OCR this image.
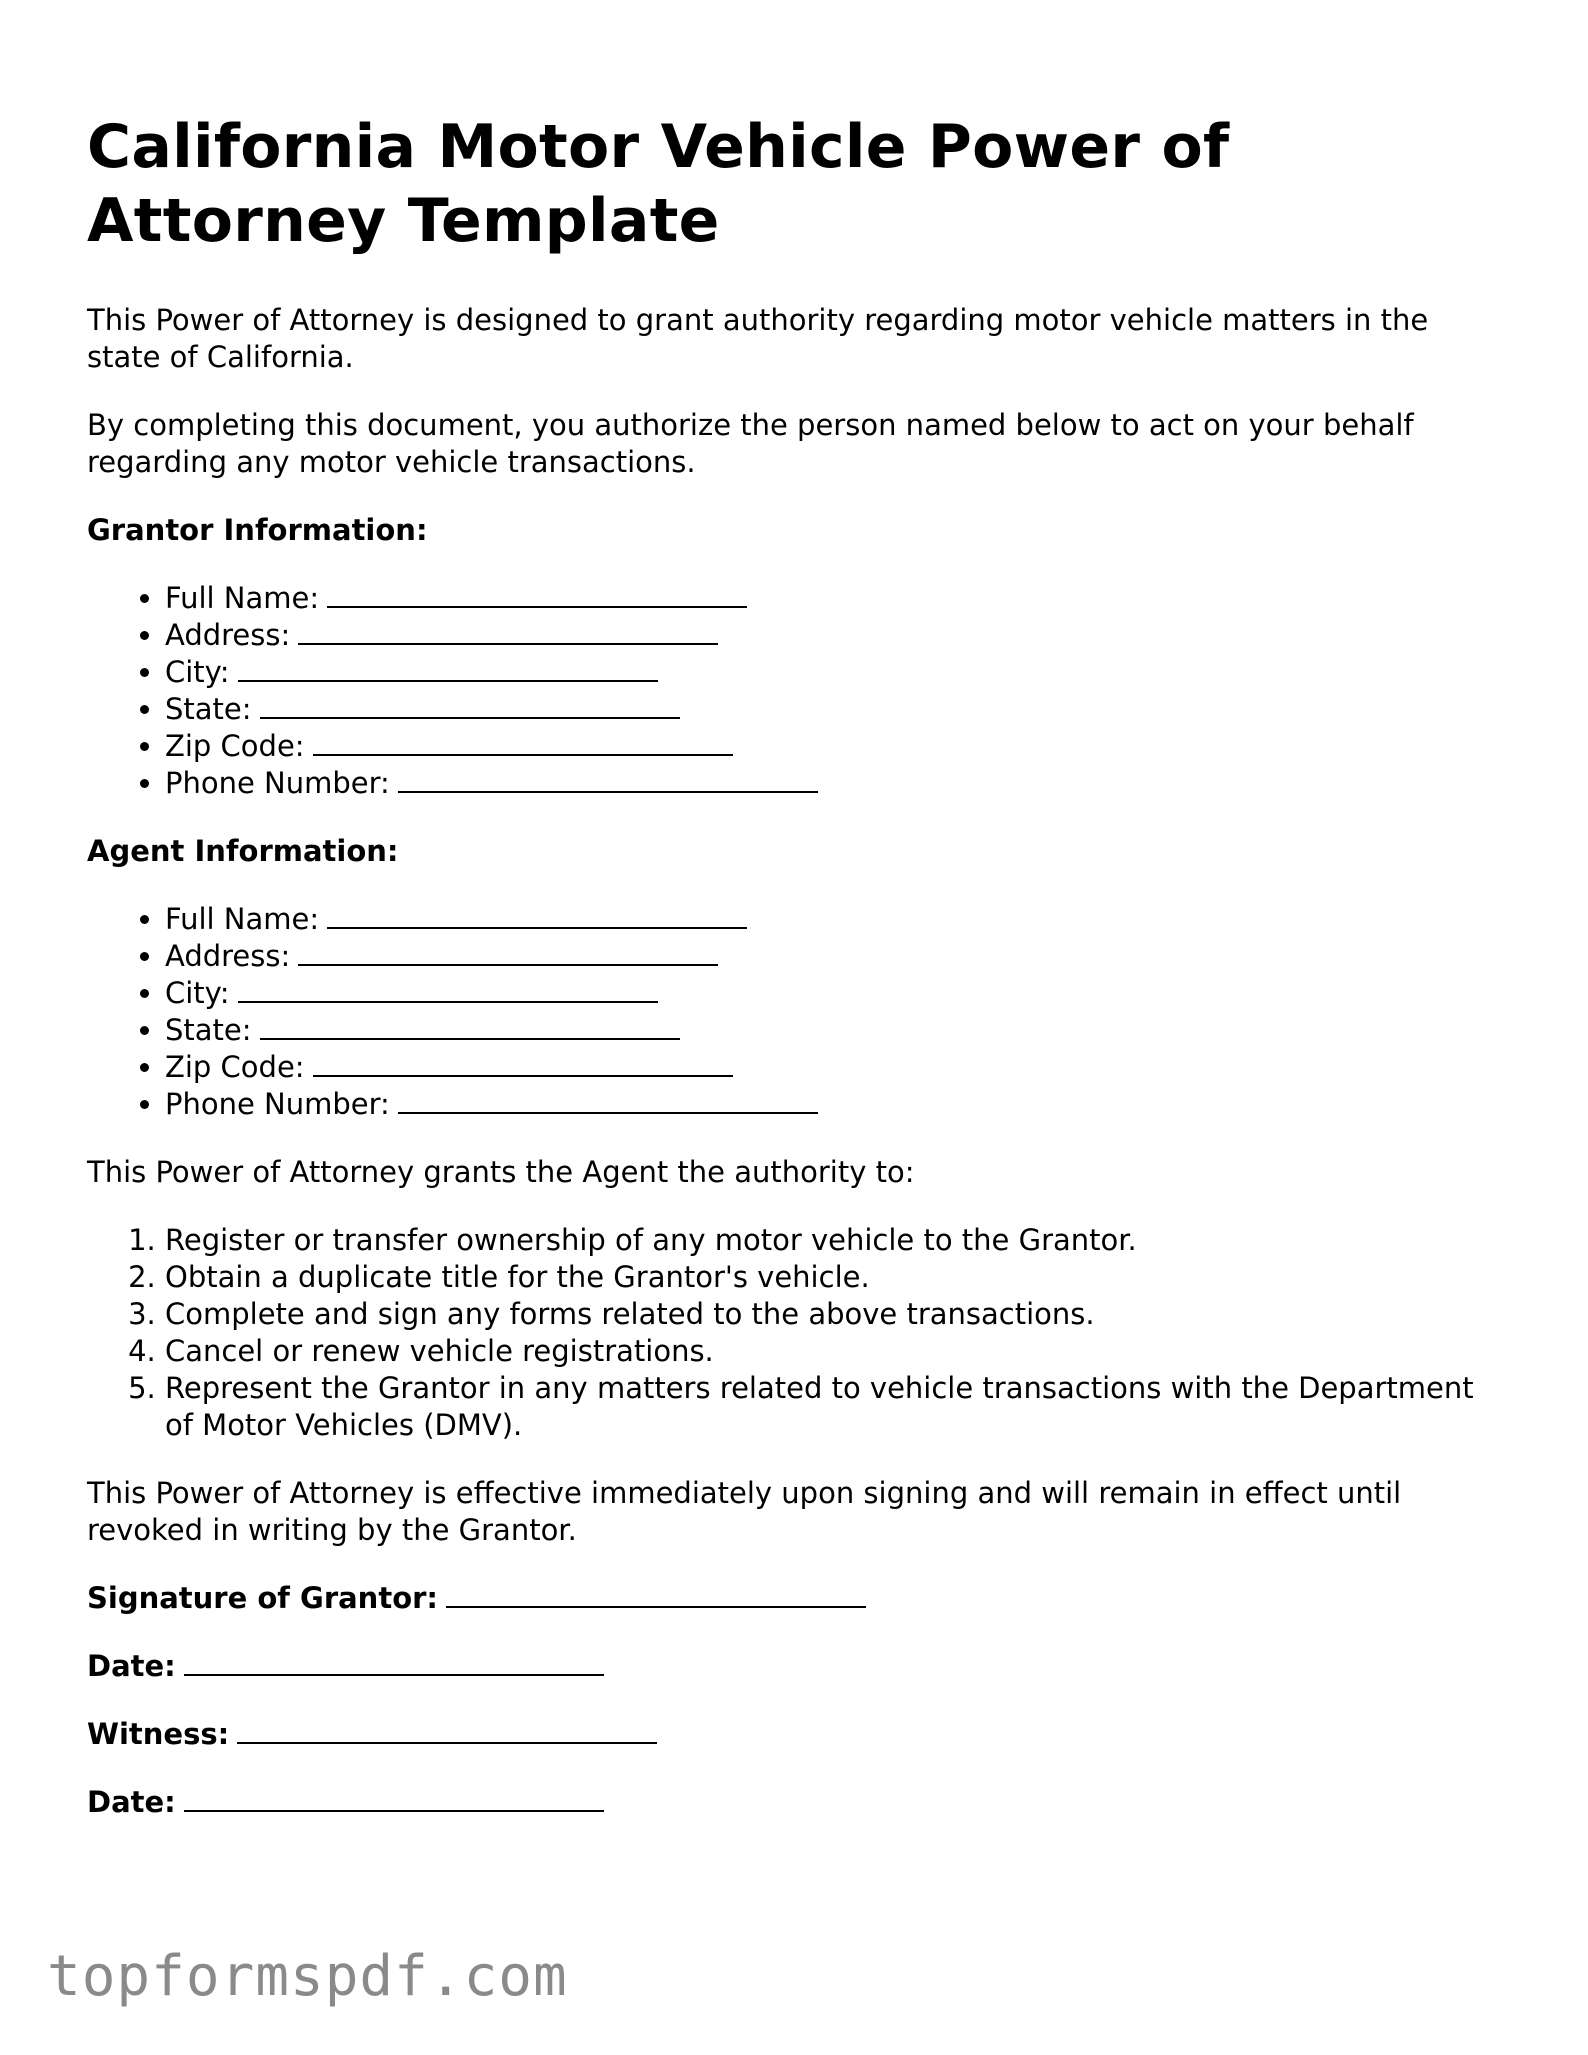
California Motor Vehicle Power of Attorney Template

This Power of Attorney is designed to grant authority regarding motor vehicle matters in the state of California.

By completing this document, you authorize the person named below to act on your behalf regarding any motor vehicle transactions.

Grantor Information:
• Full Name:
• Address:
• City:
• State:
• Zip Code:
• Phone Number:
Agent Information:
• Full Name:
• Address:
• City:
• State:
• Zip Code:
• Phone Number:

This Power of Attorney grants the Agent the authority to:

1. Register or transfer ownership of any motor vehicle to the Grantor.
2. Obtain a duplicate title for the Grantor's vehicle.
3. Complete and sign any forms related to the above transactions.
4. Cancel or renew vehicle registrations.
5. Represent the Grantor in any matters related to vehicle transactions with the Department of Motor Vehicles (DMV).

This Power of Attorney is effective immediately upon signing and will remain in effect until revoked in writing by the Grantor.

Signature of Grantor:
Date:
Witness:
Date:
topformspdf.com
